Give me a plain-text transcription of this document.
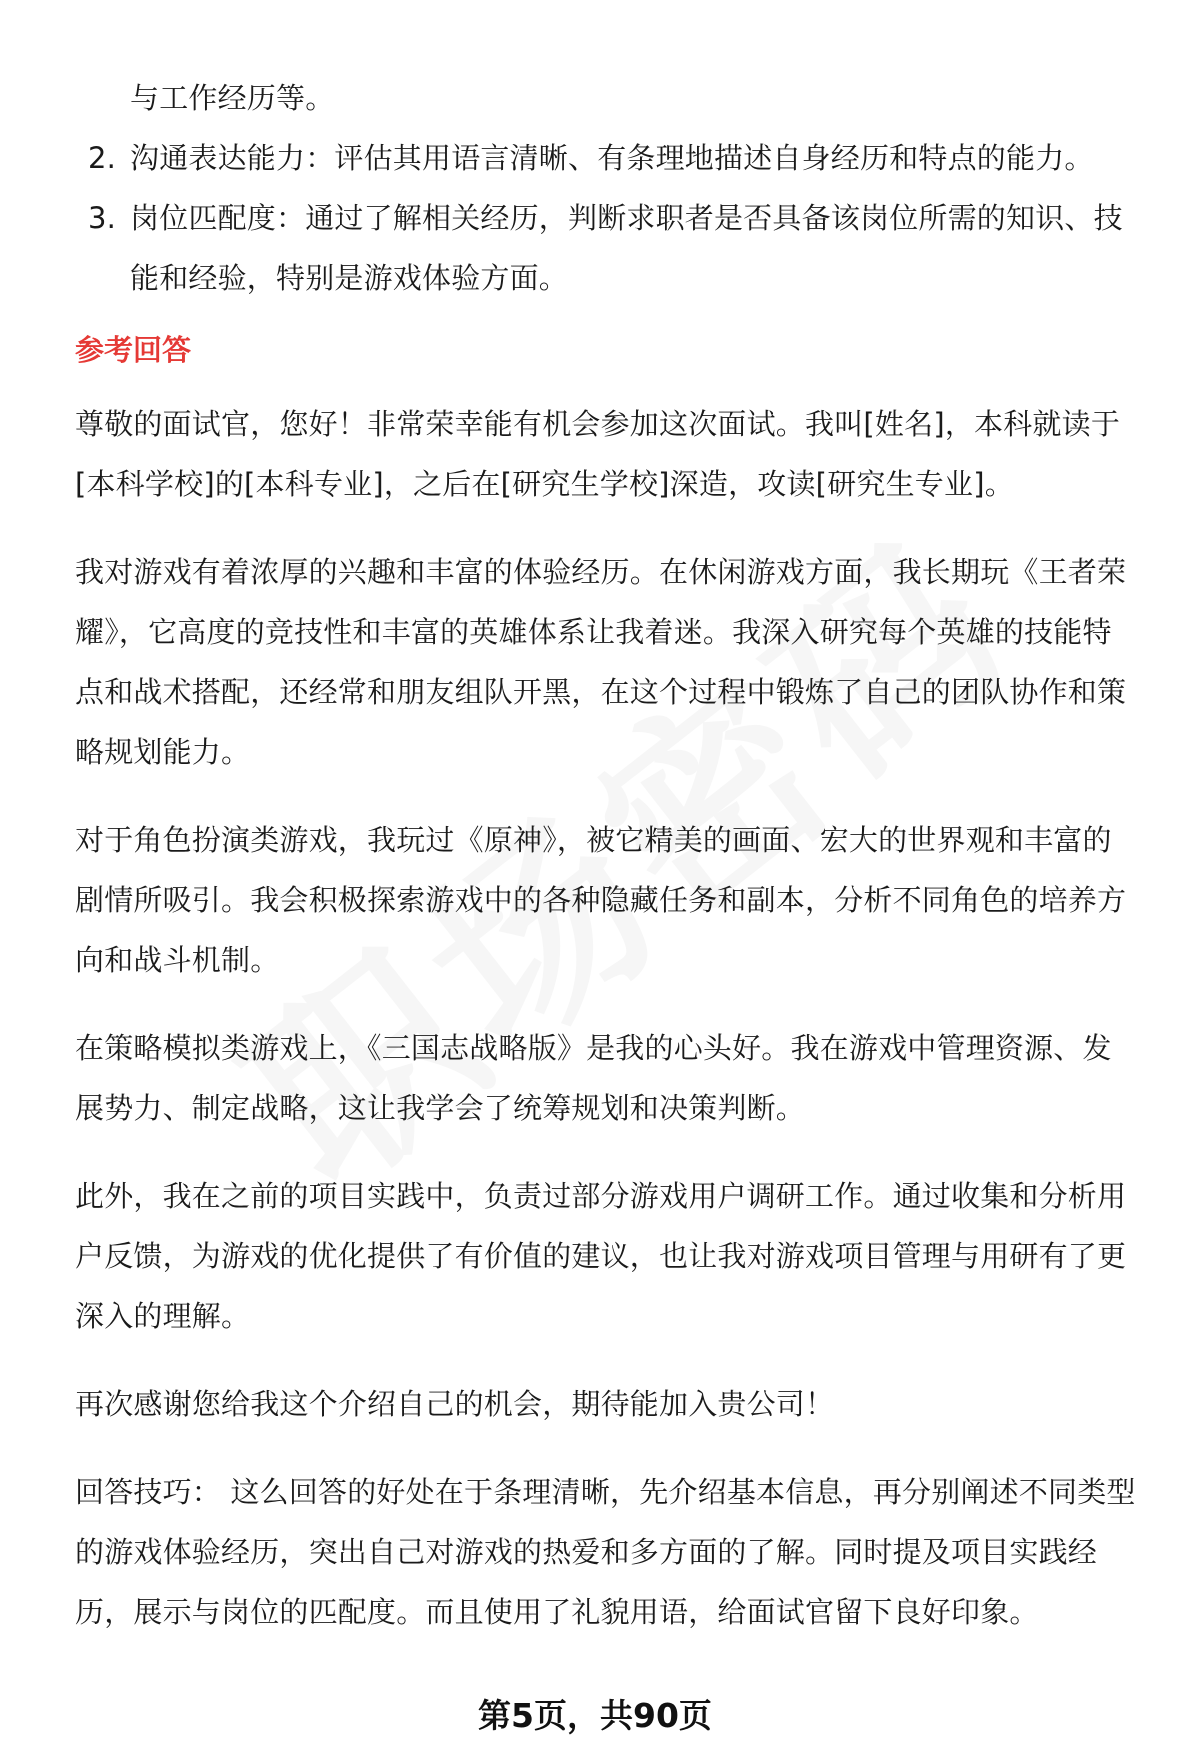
与工作经历等。
2. 沟通表达能力：评估其用语言清晰、有条理地描述自身经历和特点的能力。
3. 岗位匹配度：通过了解相关经历，判断求职者是否具备该岗位所需的知识、技
能和经验，特别是游戏体验方面。
参考回答
尊敬的面试官，您好！非常荣幸能有机会参加这次面试。我叫[姓名]，本科就读于
[本科学校]的[本科专业]，之后在[研究生学校]深造，攻读[研究生专业]。
我对游戏有着浓厚的兴趣和丰富的体验经历。在休闲游戏方面，我长期玩《王者荣
耀》，它高度的竞技性和丰富的英雄体系让我着迷。我深入研究每个英雄的技能特
点和战术搭配，还经常和朋友组队开黑，在这个过程中锻炼了自己的团队协作和策
略规划能力。
对于角色扮演类游戏，我玩过《原神》，被它精美的画面、宏大的世界观和丰富的
剧情所吸引。我会积极探索游戏中的各种隐藏任务和副本，分析不同角色的培养方
向和战斗机制。
在策略模拟类游戏上，《三国志战略版》是我的心头好。我在游戏中管理资源、发
展势力、制定战略，这让我学会了统筹规划和决策判断。
此外，我在之前的项目实践中，负责过部分游戏用户调研工作。通过收集和分析用
户反馈，为游戏的优化提供了有价值的建议，也让我对游戏项目管理与用研有了更
深入的理解。
再次感谢您给我这个介绍自己的机会，期待能加入贵公司！
回答技巧： 这么回答的好处在于条理清晰，先介绍基本信息，再分别阐述不同类型
的游戏体验经历，突出自己对游戏的热爱和多方面的了解。同时提及项目实践经
历，展示与岗位的匹配度。而且使用了礼貌用语，给面试官留下良好印象。
第5页，共90页
